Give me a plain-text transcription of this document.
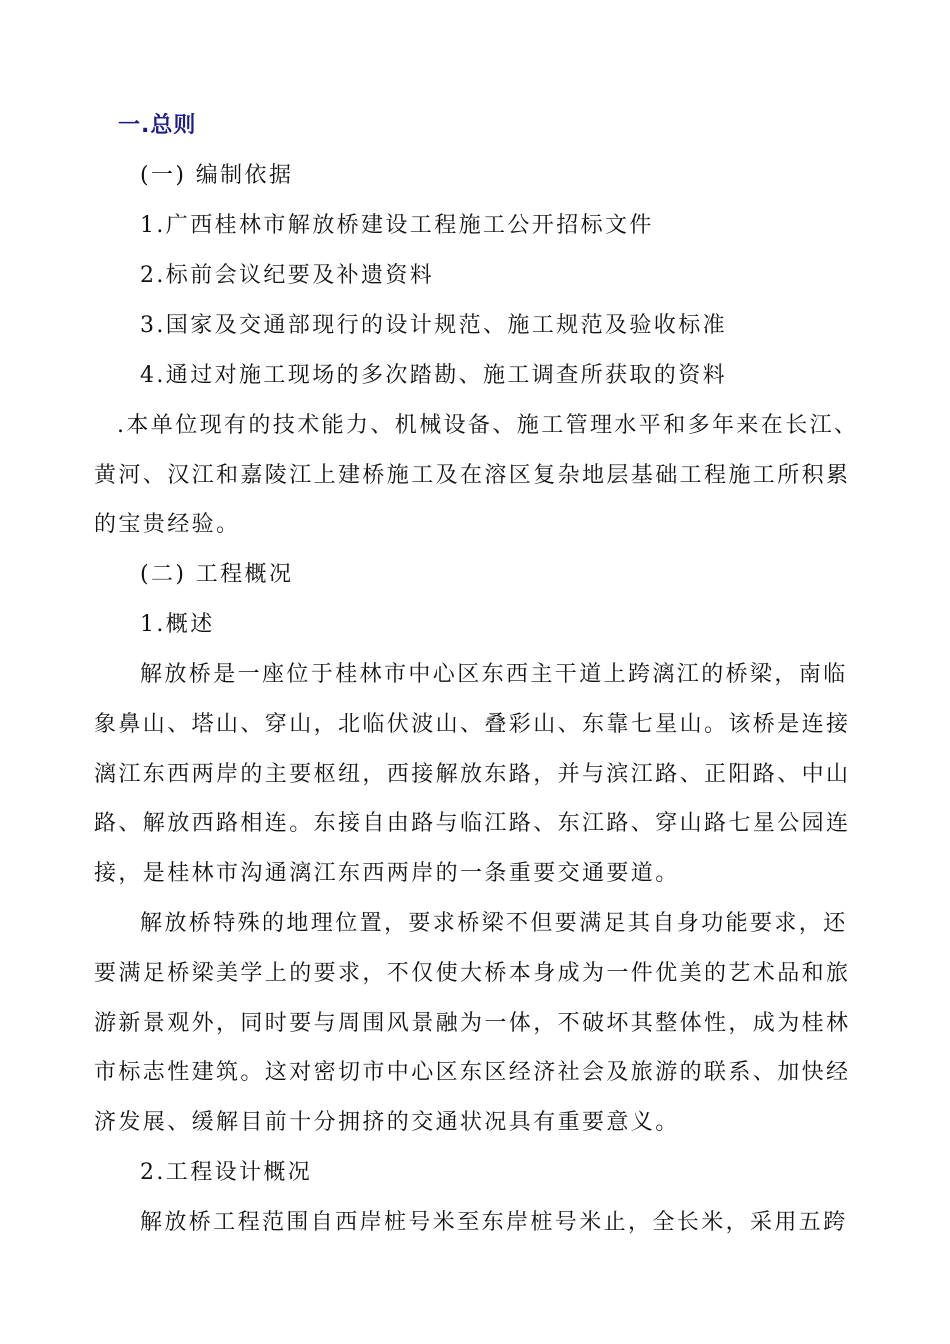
一.总则
(一) 编制依据
1.广西桂林市解放桥建设工程施工公开招标文件
2.标前会议纪要及补遗资料
3.国家及交通部现行的设计规范、施工规范及验收标准
4.通过对施工现场的多次踏勘、施工调查所获取的资料
.本单位现有的技术能力、机械设备、施工管理水平和多年来在长江、
黄河、汉江和嘉陵江上建桥施工及在溶区复杂地层基础工程施工所积累
的宝贵经验。
(二) 工程概况
1.概述
解放桥是一座位于桂林市中心区东西主干道上跨漓江的桥梁，南临
象鼻山、塔山、穿山，北临伏波山、叠彩山、东靠七星山。该桥是连接
漓江东西两岸的主要枢纽，西接解放东路，并与滨江路、正阳路、中山
路、解放西路相连。东接自由路与临江路、东江路、穿山路七星公园连
接，是桂林市沟通漓江东西两岸的一条重要交通要道。
解放桥特殊的地理位置，要求桥梁不但要满足其自身功能要求，还
要满足桥梁美学上的要求，不仅使大桥本身成为一件优美的艺术品和旅
游新景观外，同时要与周围风景融为一体，不破坏其整体性，成为桂林
市标志性建筑。这对密切市中心区东区经济社会及旅游的联系、加快经
济发展、缓解目前十分拥挤的交通状况具有重要意义。
2.工程设计概况
解放桥工程范围自西岸桩号米至东岸桩号米止，全长米，采用五跨
